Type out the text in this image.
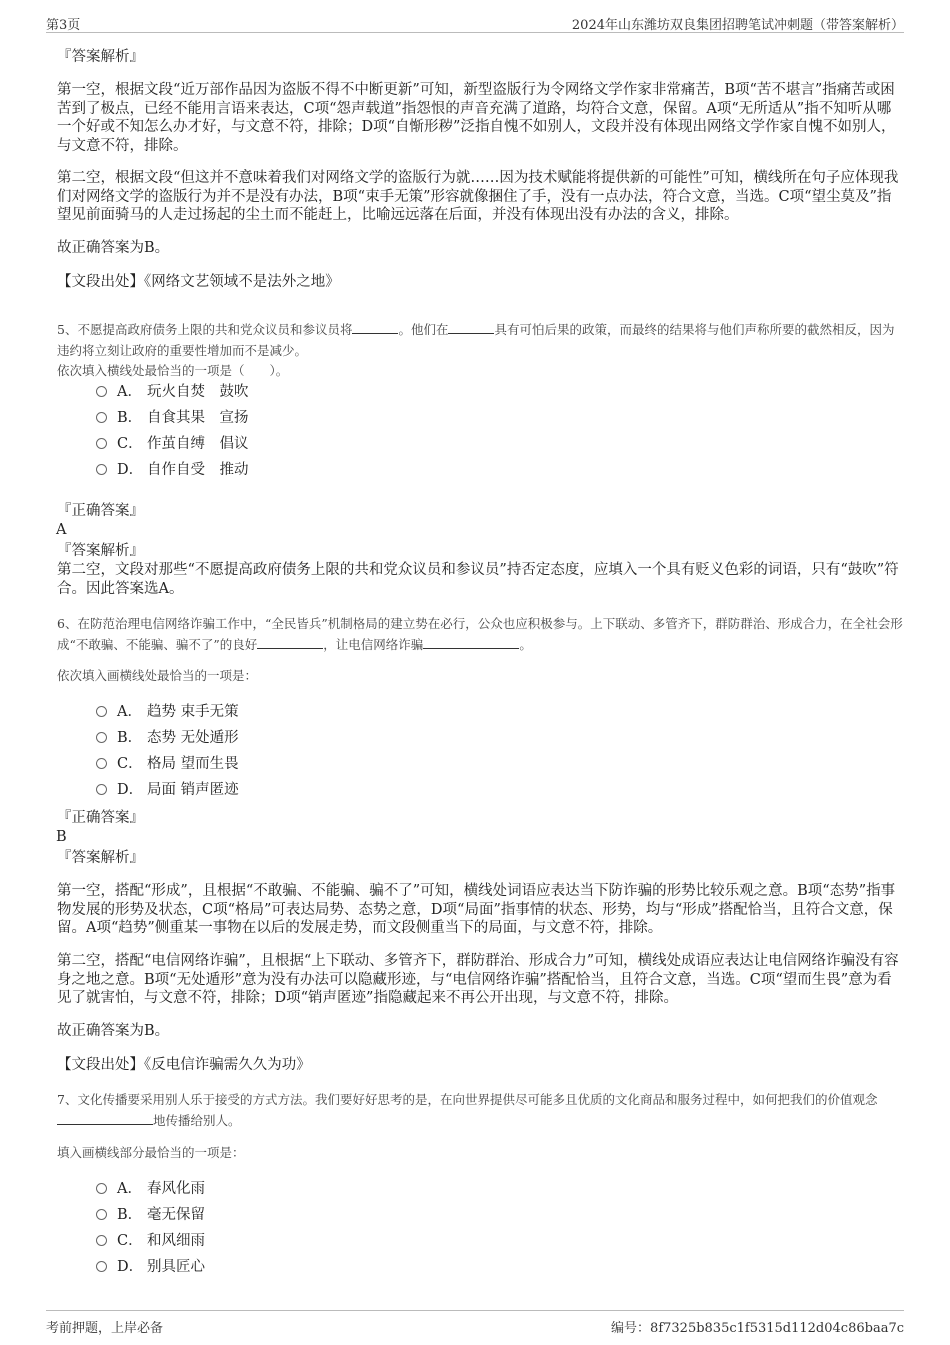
第3页	2024年山东潍坊双良集团招聘笔试冲刺题（带答案解析）
『答案解析』

第一空，根据文段“近万部作品因为盗版不得不中断更新”可知，新型盗版行为令网络文学作家非常痛苦，B项“苦不堪言”指痛苦或困苦到了极点，已经不能用言语来表达，C项“怨声载道”指怨恨的声音充满了道路，均符合文意，保留。A项“无所适从”指不知听从哪一个好或不知怎么办才好，与文意不符，排除；D项“自惭形秽”泛指自愧不如别人，文段并没有体现出网络文学作家自愧不如别人，与文意不符，排除。

第二空，根据文段“但这并不意味着我们对网络文学的盗版行为就……因为技术赋能将提供新的可能性”可知，横线所在句子应体现我们对网络文学的盗版行为并不是没有办法，B项“束手无策”形容就像捆住了手，没有一点办法，符合文意，当选。C项“望尘莫及”指望见前面骑马的人走过扬起的尘土而不能赶上，比喻远远落在后面，并没有体现出没有办法的含义，排除。

故正确答案为B。
【文段出处】《网络文艺领域不是法外之地》
5、不愿提高政府债务上限的共和党众议员和参议员将	。他们在	具有可怕后果的政策，而最终的结果将与他们声称所要的截然相反，因为违约将立刻让政府的重要性增加而不是减少。
依次填入横线处最恰当的一项是（　　）。
A． 玩火自焚　鼓吹
B． 自食其果　宣扬
C． 作茧自缚　倡议
D． 自作自受　推动
『正确答案』
A
『答案解析』

第二空，文段对那些“不愿提高政府债务上限的共和党众议员和参议员”持否定态度，应填入一个具有贬义色彩的词语，只有“鼓吹”符合。因此答案选A。

6、在防范治理电信网络诈骗工作中，“全民皆兵”机制格局的建立势在必行，公众也应积极参与。上下联动、多管齐下，群防群治、形成合力，在全社会形成“不敢骗、不能骗、骗不了”的良好	，让电信网络诈骗	。
依次填入画横线处最恰当的一项是：
A． 趋势 束手无策
B． 态势 无处遁形
C． 格局 望而生畏
D． 局面 销声匿迹
『正确答案』
B
『答案解析』

第一空，搭配“形成”，且根据“不敢骗、不能骗、骗不了”可知，横线处词语应表达当下防诈骗的形势比较乐观之意。B项“态势”指事物发展的形势及状态，C项“格局”可表达局势、态势之意，D项“局面”指事情的状态、形势，均与“形成”搭配恰当，且符合文意，保留。A项“趋势”侧重某一事物在以后的发展走势，而文段侧重当下的局面，与文意不符，排除。

第二空，搭配“电信网络诈骗”，且根据“上下联动、多管齐下，群防群治、形成合力”可知，横线处成语应表达让电信网络诈骗没有容身之地之意。B项“无处遁形”意为没有办法可以隐藏形迹，与“电信网络诈骗”搭配恰当，且符合文意，当选。C项“望而生畏”意为看见了就害怕，与文意不符，排除；D项“销声匿迹”指隐藏起来不再公开出现，与文意不符，排除。

故正确答案为B。
【文段出处】《反电信诈骗需久久为功》
7、文化传播要采用别人乐于接受的方式方法。我们要好好思考的是，在向世界提供尽可能多且优质的文化商品和服务过程中，如何把我们的价值观念地传播给别人。
填入画横线部分最恰当的一项是：
A． 春风化雨
B． 毫无保留
C． 和风细雨
D． 别具匠心
考前押题，上岸必备	编号：8f7325b835c1f5315d112d04c86baa7c
